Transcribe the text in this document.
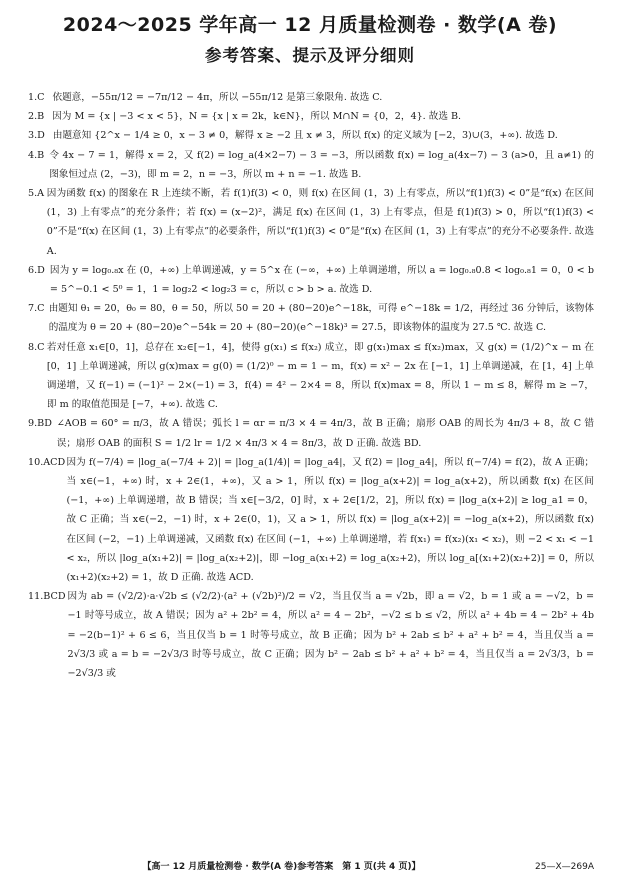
2024～2025 学年高一 12 月质量检测卷 · 数学(A 卷)
参考答案、提示及评分细则
1.C 依题意，−55π/12 = −7π/12 − 4π，所以 −55π/12 是第三象限角. 故选 C.
2.B 因为 M = {x | −3 < x < 5}，N = {x | x = 2k，k∈N}，所以 M∩N = {0，2，4}. 故选 B.
3.D 由题意知 {2^x − 1/4 ≥ 0，x − 3 ≠ 0，解得 x ≥ −2 且 x ≠ 3，所以 f(x) 的定义域为 [−2，3)∪(3，+∞). 故选 D.
4.B 令 4x − 7 = 1，解得 x = 2，又 f(2) = log_a(4×2−7) − 3 = −3，所以函数 f(x) = log_a(4x−7) − 3 (a>0，且 a≠1) 的图象恒过点 (2，−3)，即 m = 2，n = −3，所以 m + n = −1. 故选 B.
5.A 因为函数 f(x) 的图象在 R 上连续不断，若 f(1)f(3) < 0，则 f(x) 在区间 (1，3) 上有零点，所以“f(1)f(3) < 0”是“f(x) 在区间 (1，3) 上有零点”的充分条件；若 f(x) = (x−2)²，满足 f(x) 在区间 (1，3) 上有零点，但是 f(1)f(3) > 0，所以“f(1)f(3) < 0”不是“f(x) 在区间 (1，3) 上有零点”的必要条件，所以“f(1)f(3) < 0”是“f(x) 在区间 (1，3) 上有零点”的充分不必要条件. 故选 A.
6.D 因为 y = log₀.₈x 在 (0，+∞) 上单调递减，y = 5^x 在 (−∞，+∞) 上单调递增，所以 a = log₀.₈0.8 < log₀.₈1 = 0，0 < b = 5^−0.1 < 5⁰ = 1，1 = log₂2 < log₂3 = c，所以 c > b > a. 故选 D.
7.C 由题知 θ₁ = 20，θ₀ = 80，θ = 50，所以 50 = 20 + (80−20)e^−18k，可得 e^−18k = 1/2，再经过 36 分钟后，该物体的温度为 θ = 20 + (80−20)e^−54k = 20 + (80−20)(e^−18k)³ = 27.5，即该物体的温度为 27.5 ℃. 故选 C.
8.C 若对任意 x₁∈[0，1]，总存在 x₂∈[−1，4]，使得 g(x₁) ≤ f(x₂) 成立，即 g(x₁)max ≤ f(x₂)max，又 g(x) = (1/2)^x − m 在 [0，1] 上单调递减，所以 g(x)max = g(0) = (1/2)⁰ − m = 1 − m，f(x) = x² − 2x 在 [−1，1] 上单调递减，在 [1，4] 上单调递增，又 f(−1) = (−1)² − 2×(−1) = 3，f(4) = 4² − 2×4 = 8，所以 f(x)max = 8，所以 1 − m ≤ 8，解得 m ≥ −7，即 m 的取值范围是 [−7，+∞). 故选 C.
9.BD ∠AOB = 60° = π/3，故 A 错误；弧长 l = αr = π/3 × 4 = 4π/3，故 B 正确；扇形 OAB 的周长为 4π/3 + 8，故 C 错误；扇形 OAB 的面积 S = 1/2 lr = 1/2 × 4π/3 × 4 = 8π/3，故 D 正确. 故选 BD.
10.ACD 因为 f(−7/4) = |log_a(−7/4 + 2)| = |log_a(1/4)| = |log_a4|，又 f(2) = |log_a4|，所以 f(−7/4) = f(2)，故 A 正确；当 x∈(−1，+∞) 时，x + 2∈(1，+∞)，又 a > 1，所以 f(x) = |log_a(x+2)| = log_a(x+2)，所以函数 f(x) 在区间 (−1，+∞) 上单调递增，故 B 错误；当 x∈[−3/2，0] 时，x + 2∈[1/2，2]，所以 f(x) = |log_a(x+2)| ≥ log_a1 = 0，故 C 正确；当 x∈(−2，−1) 时，x + 2∈(0，1)，又 a > 1，所以 f(x) = |log_a(x+2)| = −log_a(x+2)，所以函数 f(x) 在区间 (−2，−1) 上单调递减，又函数 f(x) 在区间 (−1，+∞) 上单调递增，若 f(x₁) = f(x₂)(x₁ < x₂)，则 −2 < x₁ < −1 < x₂，所以 |log_a(x₁+2)| = |log_a(x₂+2)|，即 −log_a(x₁+2) = log_a(x₂+2)，所以 log_a[(x₁+2)(x₂+2)] = 0，所以 (x₁+2)(x₂+2) = 1，故 D 正确. 故选 ACD.
11.BCD 因为 ab = (√2/2)·a·√2b ≤ (√2/2)·(a² + (√2b)²)/2 = √2，当且仅当 a = √2b，即 a = √2，b = 1 或 a = −√2，b = −1 时等号成立，故 A 错误；因为 a² + 2b² = 4，所以 a² = 4 − 2b²，−√2 ≤ b ≤ √2，所以 a² + 4b = 4 − 2b² + 4b = −2(b−1)² + 6 ≤ 6，当且仅当 b = 1 时等号成立，故 B 正确；因为 b² + 2ab ≤ b² + a² + b² = 4，当且仅当 a = 2√3/3 或 a = b = −2√3/3 时等号成立，故 C 正确；因为 b² − 2ab ≤ b² + a² + b² = 4，当且仅当 a = 2√3/3，b = −2√3/3 或
【高一 12 月质量检测卷 · 数学(A 卷)参考答案　第 1 页(共 4 页)】	25—X—269A
